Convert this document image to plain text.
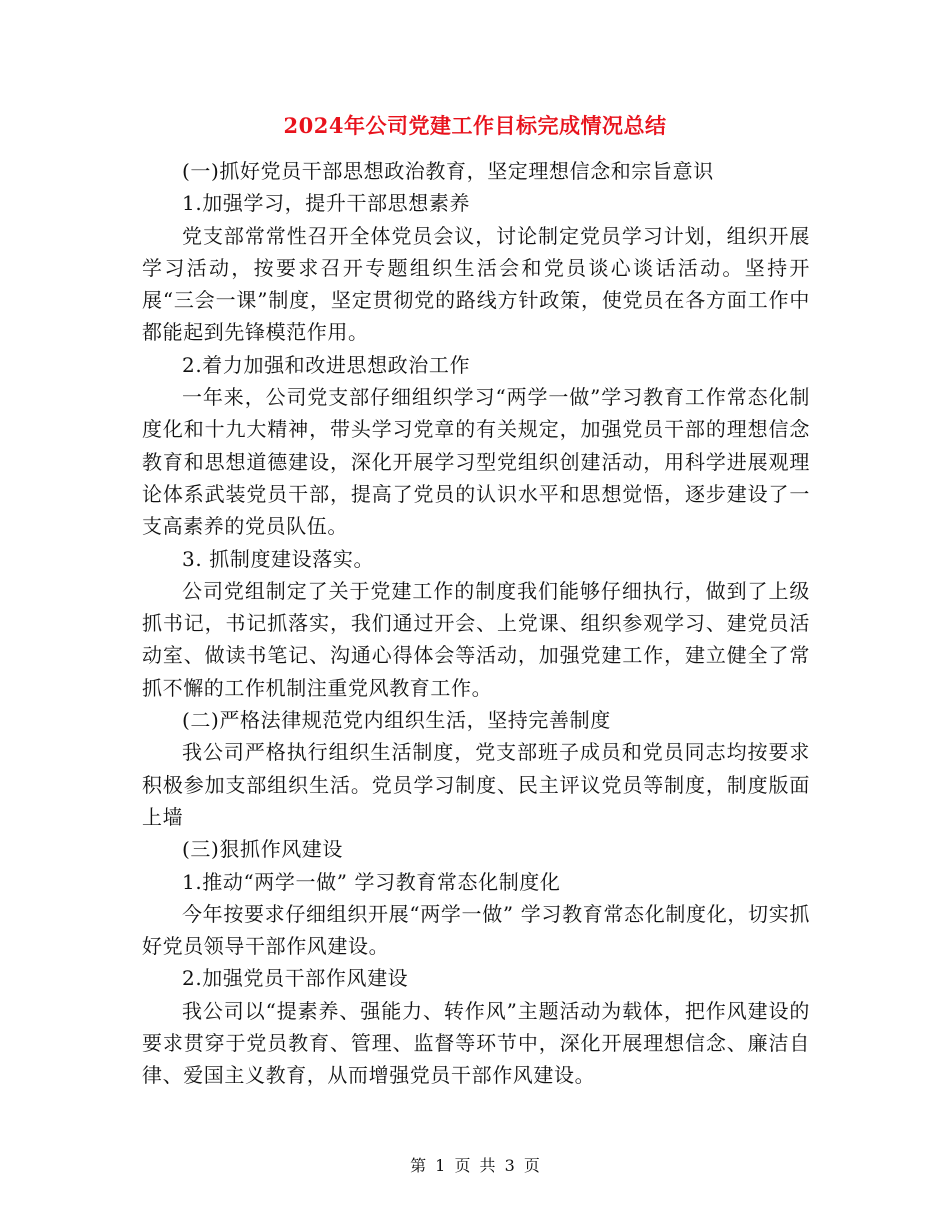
2024年公司党建工作目标完成情况总结

(一)抓好党员干部思想政治教育，坚定理想信念和宗旨意识

1.加强学习，提升干部思想素养

党支部常常性召开全体党员会议，讨论制定党员学习计划，组织开展学习活动，按要求召开专题组织生活会和党员谈心谈话活动。坚持开展“三会一课”制度，坚定贯彻党的路线方针政策，使党员在各方面工作中都能起到先锋模范作用。

2.着力加强和改进思想政治工作

一年来，公司党支部仔细组织学习“两学一做”学习教育工作常态化制度化和十九大精神，带头学习党章的有关规定，加强党员干部的理想信念教育和思想道德建设，深化开展学习型党组织创建活动，用科学进展观理论体系武装党员干部，提高了党员的认识水平和思想觉悟，逐步建设了一支高素养的党员队伍。

3. 抓制度建设落实。

公司党组制定了关于党建工作的制度我们能够仔细执行，做到了上级抓书记，书记抓落实，我们通过开会、上党课、组织参观学习、建党员活动室、做读书笔记、沟通心得体会等活动，加强党建工作，建立健全了常抓不懈的工作机制注重党风教育工作。

(二)严格法律规范党内组织生活，坚持完善制度

我公司严格执行组织生活制度，党支部班子成员和党员同志均按要求积极参加支部组织生活。党员学习制度、民主评议党员等制度，制度版面上墙

(三)狠抓作风建设

1.推动“两学一做” 学习教育常态化制度化

今年按要求仔细组织开展“两学一做” 学习教育常态化制度化，切实抓好党员领导干部作风建设。

2.加强党员干部作风建设

我公司以“提素养、强能力、转作风”主题活动为载体，把作风建设的要求贯穿于党员教育、管理、监督等环节中，深化开展理想信念、廉洁自律、爱国主义教育，从而增强党员干部作风建设。

第 1 页 共 3 页
